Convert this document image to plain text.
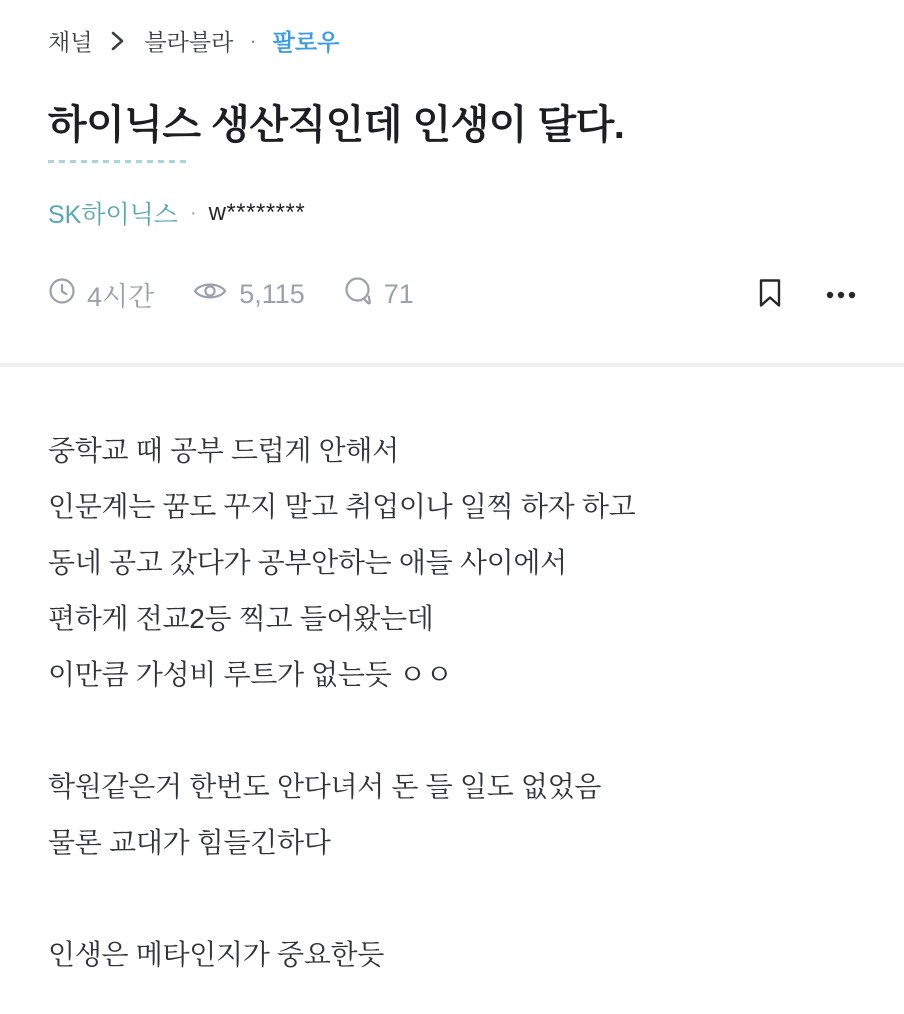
채널 블라블라 · 팔로우
하이닉스 생산직인데 인생이 달다.
SK하이닉스 · w********
4시간	5,115	71

중학교 때 공부 드럽게 안해서
인문계는 꿈도 꾸지 말고 취업이나 일찍 하자 하고
동네 공고 갔다가 공부안하는 애들 사이에서
편하게 전교2등 찍고 들어왔는데
이만큼 가성비 루트가 없는듯 ㅇㅇ

학원같은거 한번도 안다녀서 돈 들 일도 없었음
물론 교대가 힘들긴하다

인생은 메타인지가 중요한듯
